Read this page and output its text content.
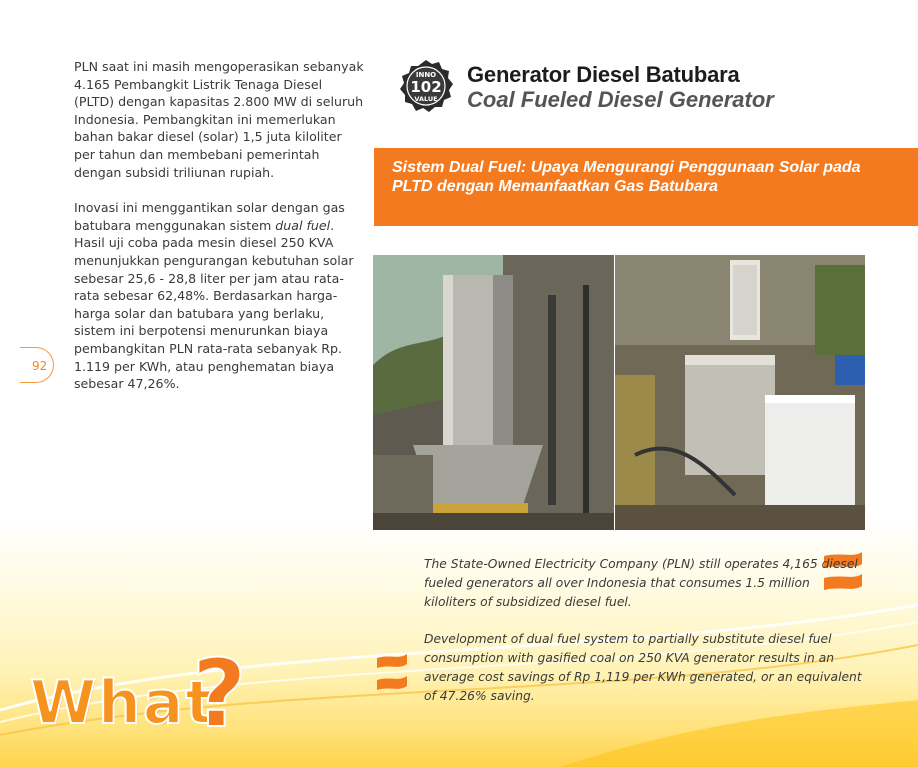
PLN saat ini masih mengoperasikan sebanyak 4.165 Pembangkit Listrik Tenaga Diesel (PLTD) dengan kapasitas 2.800 MW di seluruh Indonesia. Pembangkitan ini memerlukan bahan bakar diesel (solar) 1,5 juta kiloliter per tahun dan membebani pemerintah dengan subsidi triliunan rupiah.

Inovasi ini menggantikan solar dengan gas batubara menggunakan sistem dual fuel. Hasil uji coba pada mesin diesel 250 KVA menunjukkan pengurangan kebutuhan solar sebesar 25,6 - 28,8 liter per jam atau rata-rata sebesar 62,48%. Berdasarkan harga-harga solar dan batubara yang berlaku, sistem ini berpotensi menurunkan biaya pembangkitan PLN rata-rata sebanyak Rp. 1.119 per KWh, atau penghematan biaya sebesar 47,26%.

92
INNO
102
VALUE
Generator Diesel Batubara
Coal Fueled Diesel Generator
Sistem Dual Fuel: Upaya Mengurangi Penggunaan Solar pada PLTD dengan Memanfaatkan Gas Batubara

The State-Owned Electricity Company (PLN) still operates 4,165 diesel fueled generators all over Indonesia that consumes 1.5 million kiloliters of subsidized diesel fuel.

Development of dual fuel system to partially substitute diesel fuel consumption with gasified coal on 250 KVA generator results in an average cost savings of Rp 1,119 per KWh generated, or an equivalent of 47.26% saving.

What
?
